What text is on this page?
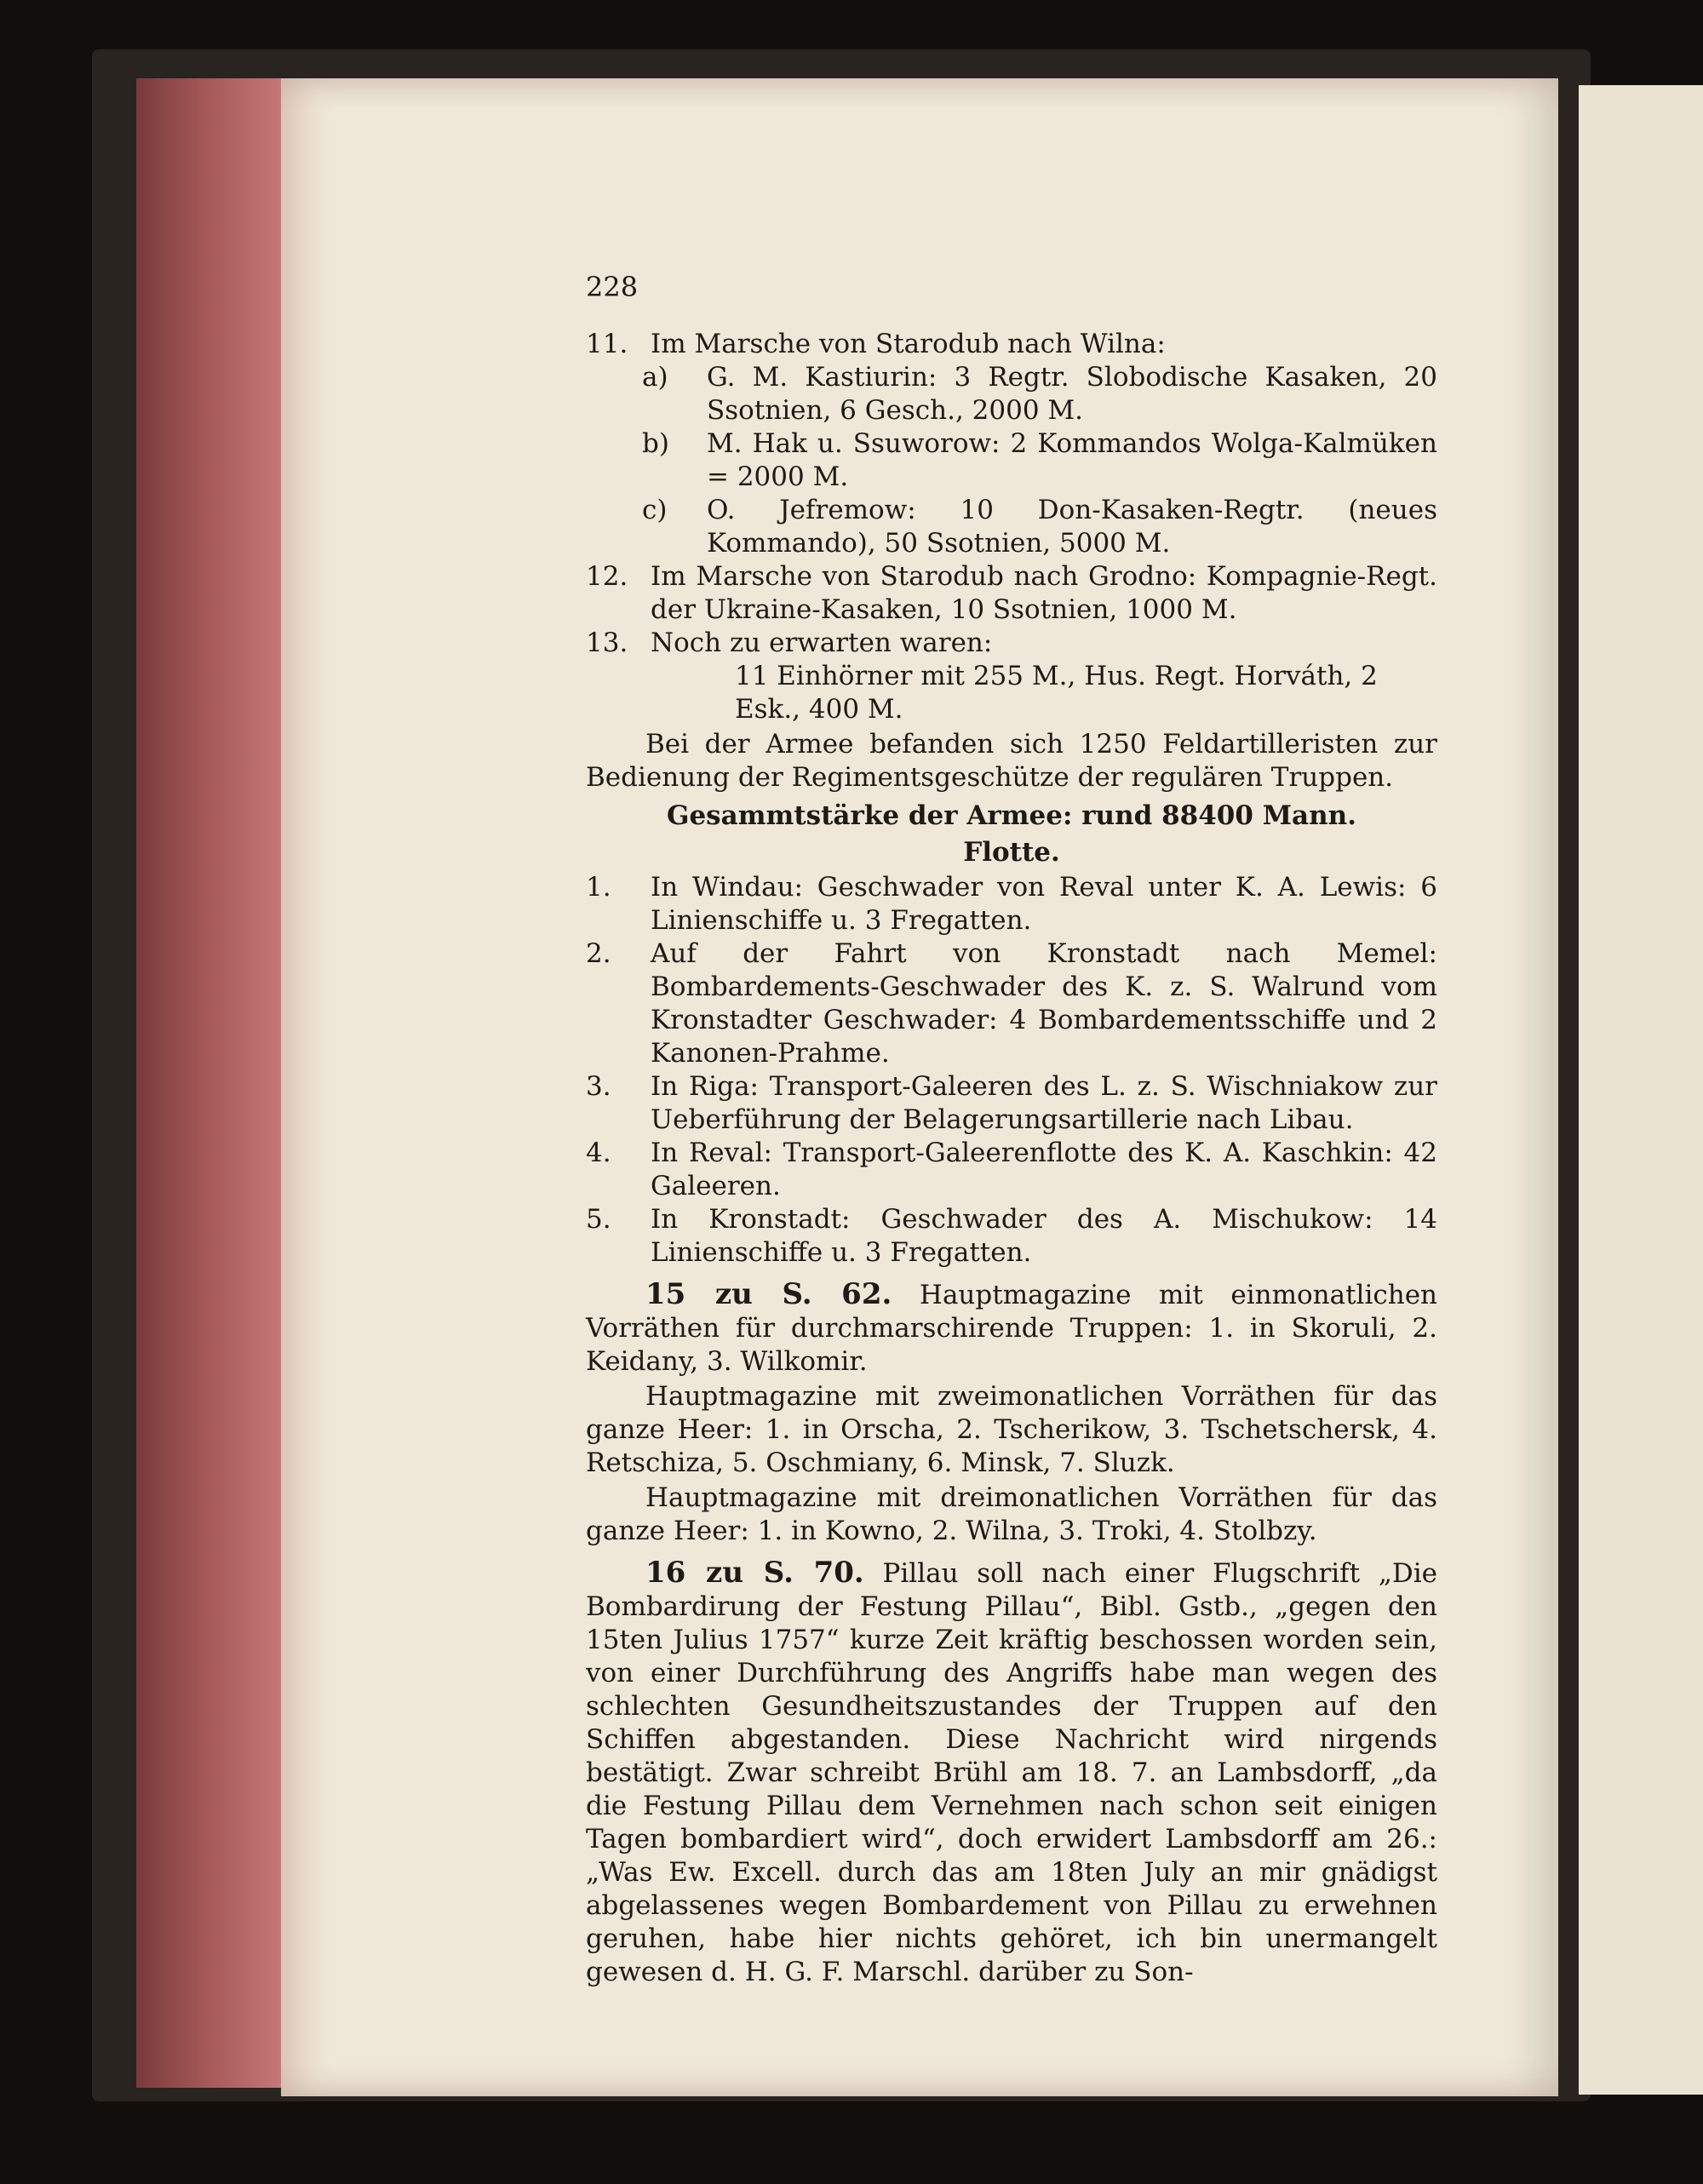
228
11. Im Marsche von Starodub nach Wilna:
a)	G. M. Kastiurin: 3 Regtr. Slobodische Kasaken, 20 Ssotnien, 6 Gesch., 2000 M.
b)	M. Hak u. Ssuworow: 2 Kommandos Wolga-Kalmüken = 2000 M.
c)	O. Jefremow: 10 Don-Kasaken-Regtr. (neues Kommando), 50 Ssotnien, 5000 M.
12. Im Marsche von Starodub nach Grodno: Kompagnie-Regt. der Ukraine-Kasaken, 10 Ssotnien, 1000 M.
13. Noch zu erwarten waren:
11 Einhörner mit 255 M., Hus. Regt. Horváth, 2 Esk., 400 M.
Bei der Armee befanden sich 1250 Feldartilleristen zur Bedienung der Regimentsgeschütze der regulären Truppen.
Gesammtstärke der Armee: rund 88400 Mann.
Flotte.
1.	In Windau: Geschwader von Reval unter K. A. Lewis: 6 Linienschiffe u. 3 Fregatten.
2.	Auf der Fahrt von Kronstadt nach Memel: Bombardements-Geschwader des K. z. S. Walrund vom Kronstadter Geschwader: 4 Bombardementsschiffe und 2 Kanonen-Prahme.
3.	In Riga: Transport-Galeeren des L. z. S. Wischniakow zur Ueberführung der Belagerungsartillerie nach Libau.
4.	In Reval: Transport-Galeerenflotte des K. A. Kaschkin: 42 Galeeren.
5.	In Kronstadt: Geschwader des A. Mischukow: 14 Linienschiffe u. 3 Fregatten.
15 zu S. 62. Hauptmagazine mit einmonatlichen Vorräthen für durchmarschirende Truppen: 1. in Skoruli, 2. Keidany, 3. Wilkomir.
Hauptmagazine mit zweimonatlichen Vorräthen für das ganze Heer: 1. in Orscha, 2. Tscherikow, 3. Tschetschersk, 4. Retschiza, 5. Oschmiany, 6. Minsk, 7. Sluzk.
Hauptmagazine mit dreimonatlichen Vorräthen für das ganze Heer: 1. in Kowno, 2. Wilna, 3. Troki, 4. Stolbzy.
16 zu S. 70. Pillau soll nach einer Flugschrift „Die Bombardirung der Festung Pillau“, Bibl. Gstb., „gegen den 15ten Julius 1757“ kurze Zeit kräftig beschossen worden sein, von einer Durchführung des Angriffs habe man wegen des schlechten Gesundheitszustandes der Truppen auf den Schiffen abgestanden. Diese Nachricht wird nirgends bestätigt. Zwar schreibt Brühl am 18. 7. an Lambsdorff, „da die Festung Pillau dem Vernehmen nach schon seit einigen Tagen bombardiert wird“, doch erwidert Lambsdorff am 26.: „Was Ew. Excell. durch das am 18ten July an mir gnädigst abgelassenes wegen Bombardement von Pillau zu erwehnen geruhen, habe hier nichts gehöret, ich bin unermangelt gewesen d. H. G. F. Marschl. darüber zu Son-
